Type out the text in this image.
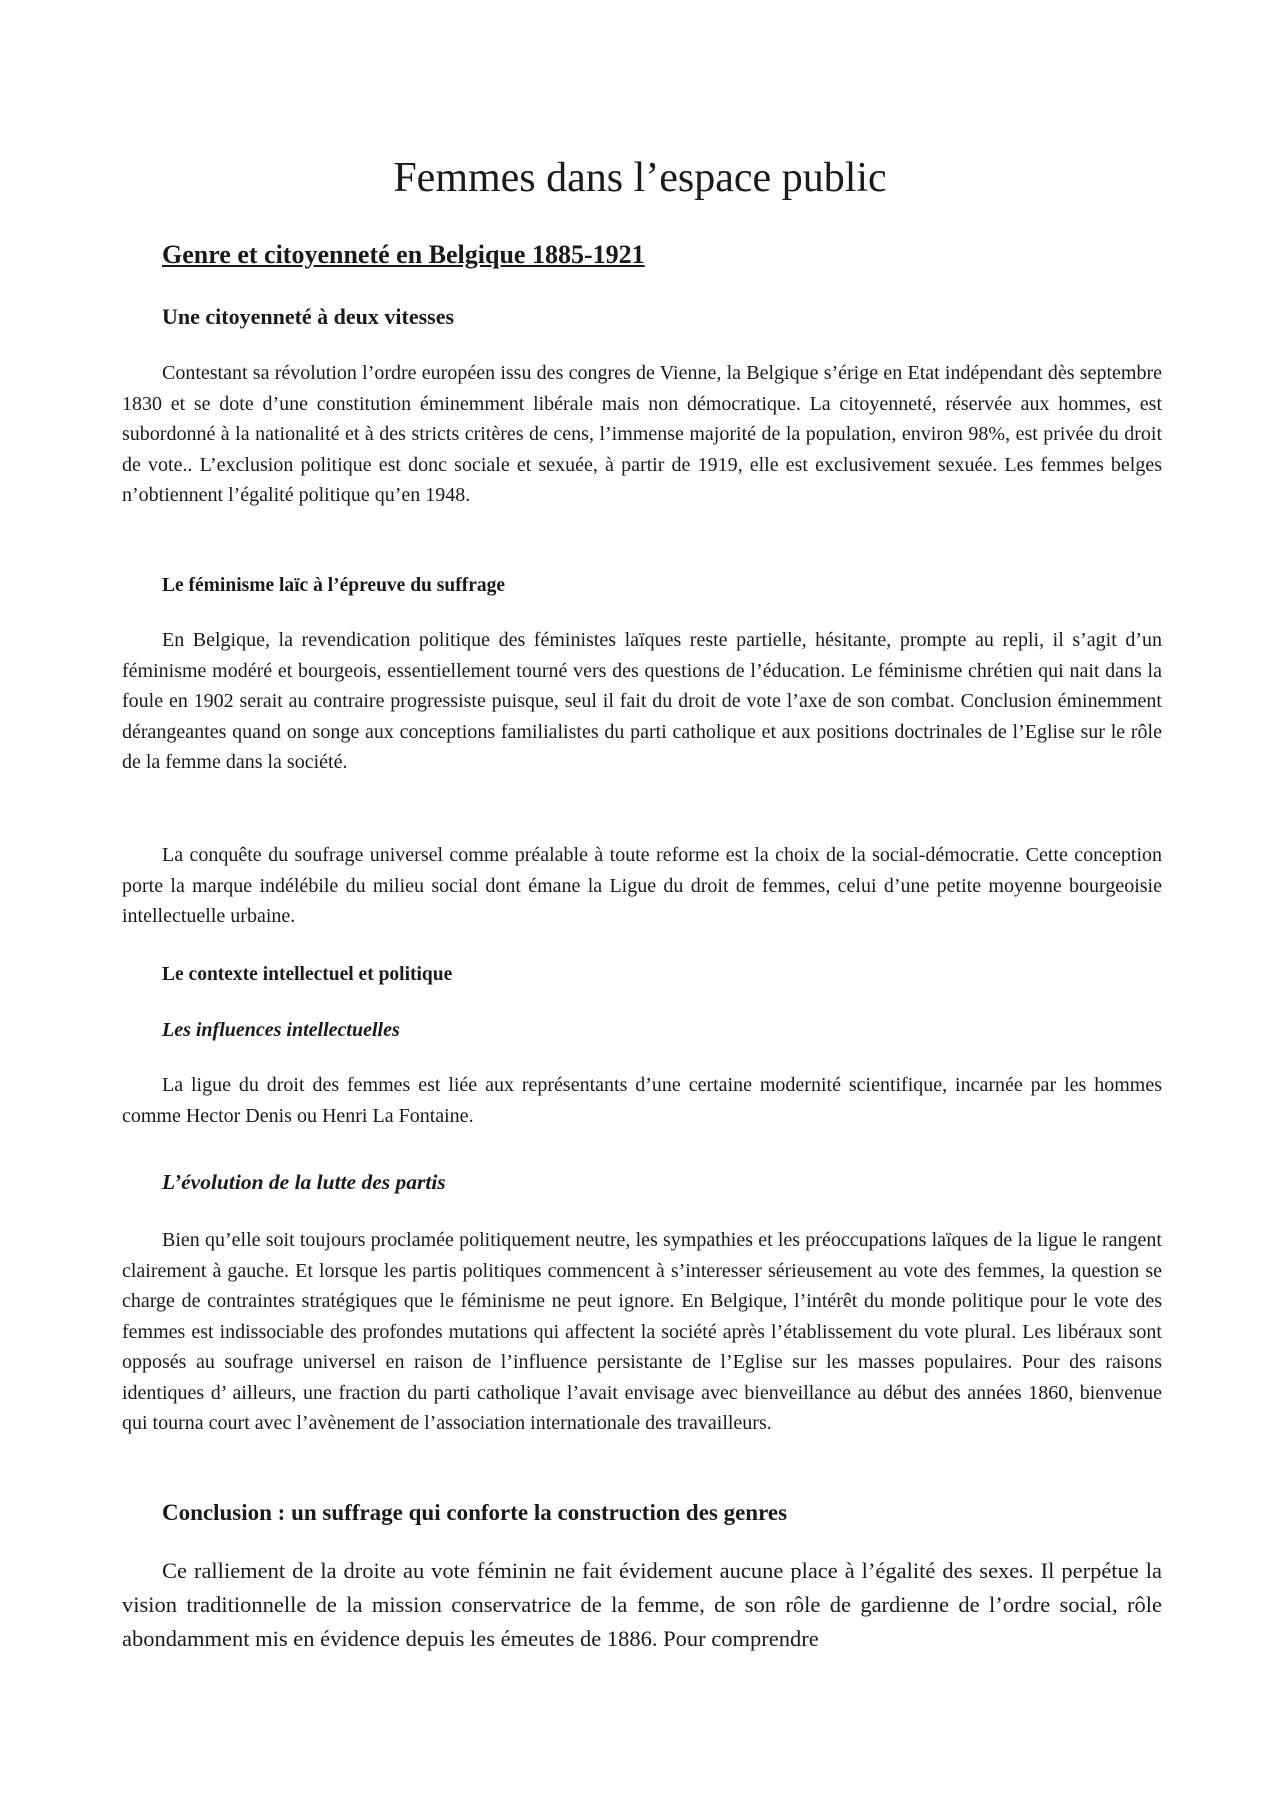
Femmes dans l’espace public
Genre et citoyenneté en Belgique 1885-1921
Une citoyenneté à deux vitesses

Contestant sa révolution l’ordre européen issu des congres de Vienne, la Belgique s’érige en Etat indépendant dès septembre 1830 et se dote d’une constitution éminemment libérale mais non démocratique. La citoyenneté, réservée aux hommes, est subordonné à la nationalité et à des stricts critères de cens, l’immense majorité de la population, environ 98%, est privée du droit de vote.. L’exclusion politique est donc sociale et sexuée, à partir de 1919, elle est exclusivement sexuée. Les femmes belges n’obtiennent l’égalité politique qu’en 1948.

Le féminisme laïc à l’épreuve du suffrage

En Belgique, la revendication politique des féministes laïques reste partielle, hésitante, prompte au repli, il s’agit d’un féminisme modéré et bourgeois, essentiellement tourné vers des questions de l’éducation. Le féminisme chrétien qui nait dans la foule en 1902 serait au contraire progressiste puisque, seul il fait du droit de vote l’axe de son combat. Conclusion éminemment dérangeantes quand on songe aux conceptions familialistes du parti catholique et aux positions doctrinales de l’Eglise sur le rôle de la femme dans la société.

La conquête du soufrage universel comme préalable à toute reforme est la choix de la social-démocratie. Cette conception porte la marque indélébile du milieu social dont émane la Ligue du droit de femmes, celui d’une petite moyenne bourgeoisie intellectuelle urbaine.

Le contexte intellectuel et politique
Les influences intellectuelles

La ligue du droit des femmes est liée aux représentants d’une certaine modernité scientifique, incarnée par les hommes comme Hector Denis ou Henri La Fontaine.

L’évolution de la lutte des partis

Bien qu’elle soit toujours proclamée politiquement neutre, les sympathies et les préoccupations laïques de la ligue le rangent clairement à gauche. Et lorsque les partis politiques commencent à s’interesser sérieusement au vote des femmes, la question se charge de contraintes stratégiques que le féminisme ne peut ignore. En Belgique, l’intérêt du monde politique pour le vote des femmes est indissociable des profondes mutations qui affectent la société après l’établissement du vote plural. Les libéraux sont opposés au soufrage universel en raison de l’influence persistante de l’Eglise sur les masses populaires. Pour des raisons identiques d’ ailleurs, une fraction du parti catholique l’avait envisage avec bienveillance au début des années 1860, bienvenue qui tourna court avec l’avènement de l’association internationale des travailleurs.

Conclusion : un suffrage qui conforte la construction des genres

Ce ralliement de la droite au vote féminin ne fait évidement aucune place à l’égalité des sexes. Il perpétue la vision traditionnelle de la mission conservatrice de la femme, de son rôle de gardienne de l’ordre social, rôle abondamment mis en évidence depuis les émeutes de 1886. Pour comprendre
